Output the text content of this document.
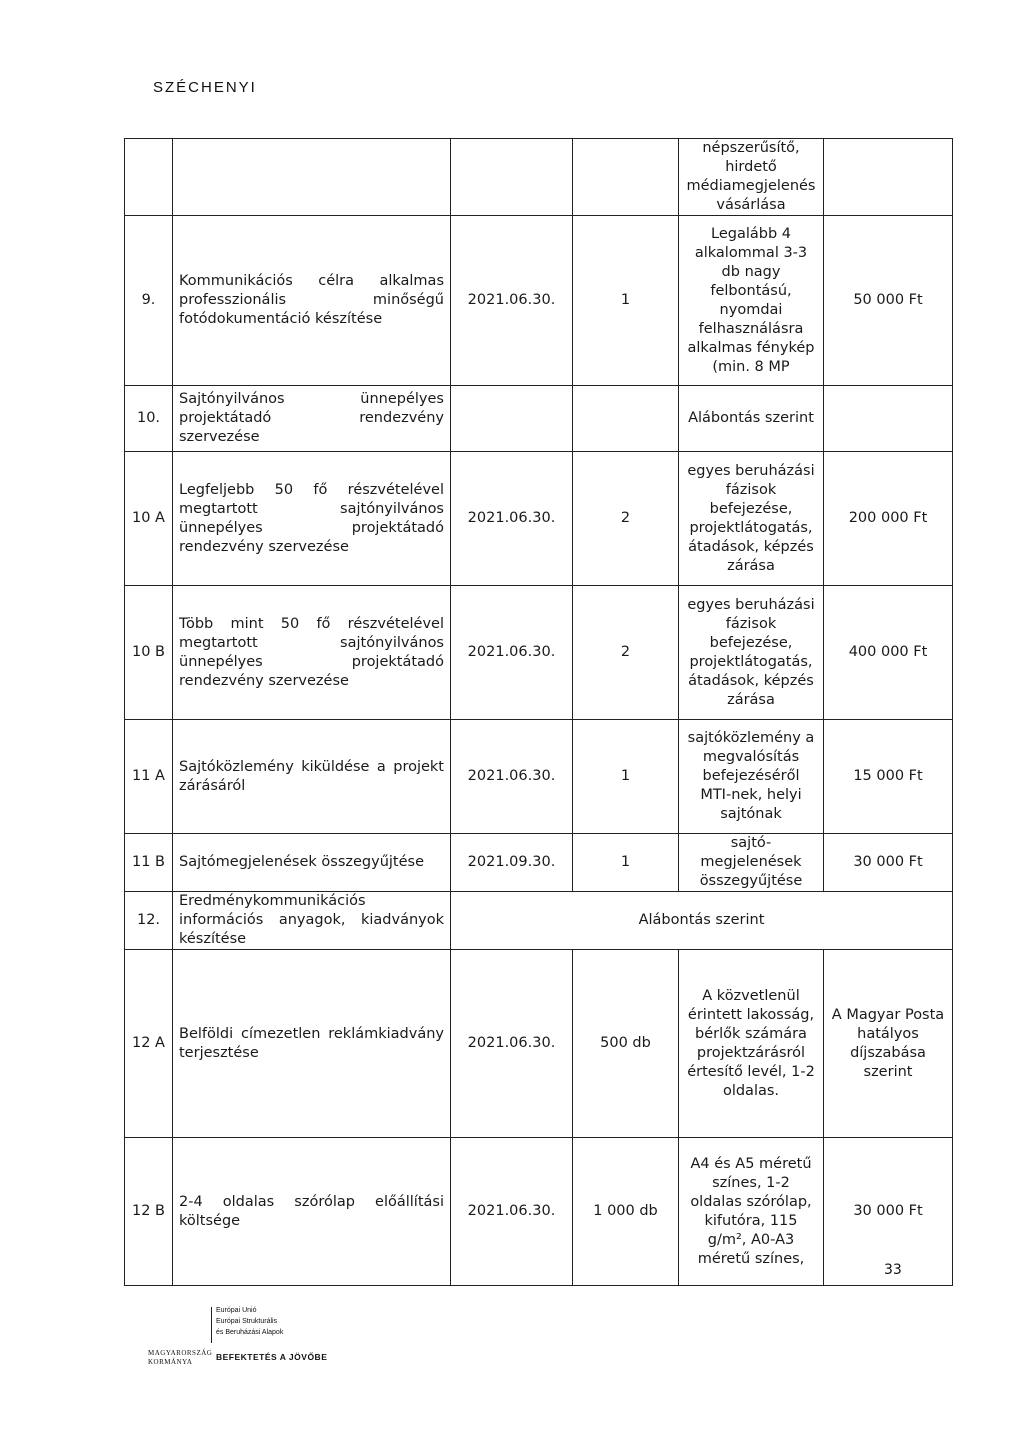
SZÉCHENYI
				népszerűsítő, hirdető médiamegjelenés vásárlása	
9.	Kommunikációs célra alkalmas professzionális minőségű fotódokumentáció készítése	2021.06.30.	1	Legalább 4 alkalommal 3-3 db nagy felbontású, nyomdai felhasználásra alkalmas fénykép (min. 8 MP	50 000 Ft
10.	Sajtónyilvános ünnepélyes projektátadó rendezvény szervezése			Alábontás szerint	
10 A	Legfeljebb 50 fő részvételével megtartott sajtónyilvános ünnepélyes projektátadó rendezvény szervezése	2021.06.30.	2	egyes beruházási fázisok befejezése, projektlátogatás, átadások, képzés zárása	200 000 Ft
10 B	Több mint 50 fő részvételével megtartott sajtónyilvános ünnepélyes projektátadó rendezvény szervezése	2021.06.30.	2	egyes beruházási fázisok befejezése, projektlátogatás, átadások, képzés zárása	400 000 Ft
11 A	Sajtóközlemény kiküldése a projekt zárásáról	2021.06.30.	1	sajtóközlemény a megvalósítás befejezéséről MTI-nek, helyi sajtónak	15 000 Ft
11 B	Sajtómegjelenések összegyűjtése	2021.09.30.	1	sajtó-megjelenések összegyűjtése	30 000 Ft
12.	Eredménykommunikációs információs anyagok, kiadványok készítése	Alábontás szerint			
12 A	Belföldi címezetlen reklámkiadvány terjesztése	2021.06.30.	500 db	A közvetlenül érintett lakosság, bérlők számára projektzárásról értesítő levél, 1-2 oldalas.	A Magyar Posta hatályos díjszabása szerint
12 B	2-4 oldalas szórólap előállítási költsége	2021.06.30.	1 000 db	A4 és A5 méretű színes, 1-2 oldalas szórólap, kifutóra, 115 g/m², A0-A3 méretű színes,	30 000 Ft
33
Európai Unió
Európai Strukturális
és Beruházási Alapok
MAGYARORSZÁG
KORMÁNYA	BEFEKTETÉS A JÖVŐBE
